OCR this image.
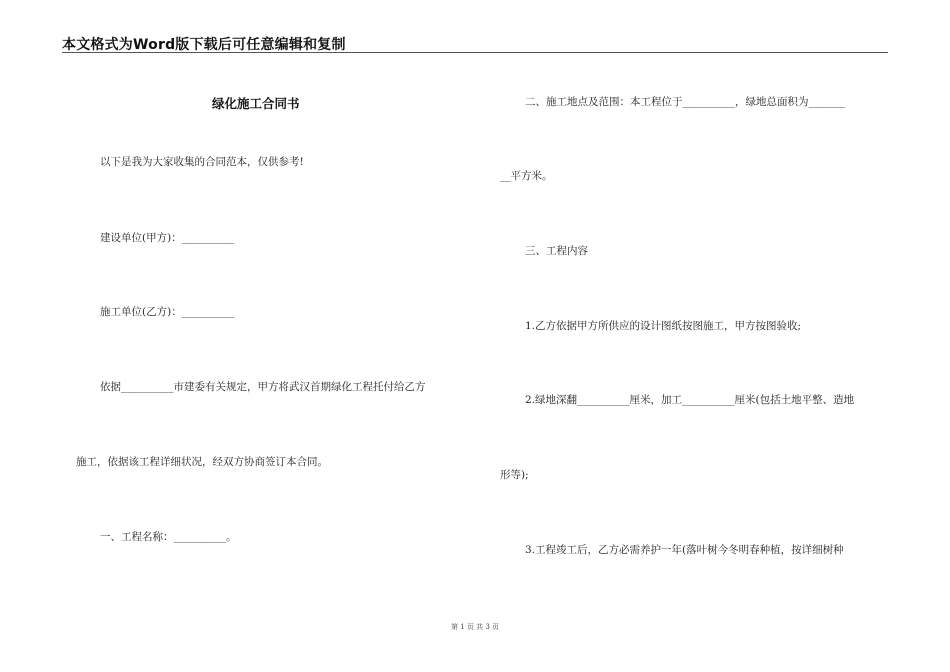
本文格式为Word版下载后可任意编辑和复制
绿化施工合同书
以下是我为大家收集的合同范本，仅供参考!
建设单位(甲方)：__________
施工单位(乙方)：__________
依据__________市建委有关规定，甲方将武汉首期绿化工程托付给乙方
施工，依据该工程详细状况，经双方协商签订本合同。
一、工程名称：__________。
二、施工地点及范围：本工程位于__________，绿地总面积为_______
__平方米。
三、工程内容
1.乙方依据甲方所供应的设计图纸按图施工，甲方按图验收;
2.绿地深翻__________厘米，加工__________厘米(包括土地平整、造地
形等);
3.工程竣工后，乙方必需养护一年(落叶树今冬明春种植，按详细树种
第 1 页 共 3 页
